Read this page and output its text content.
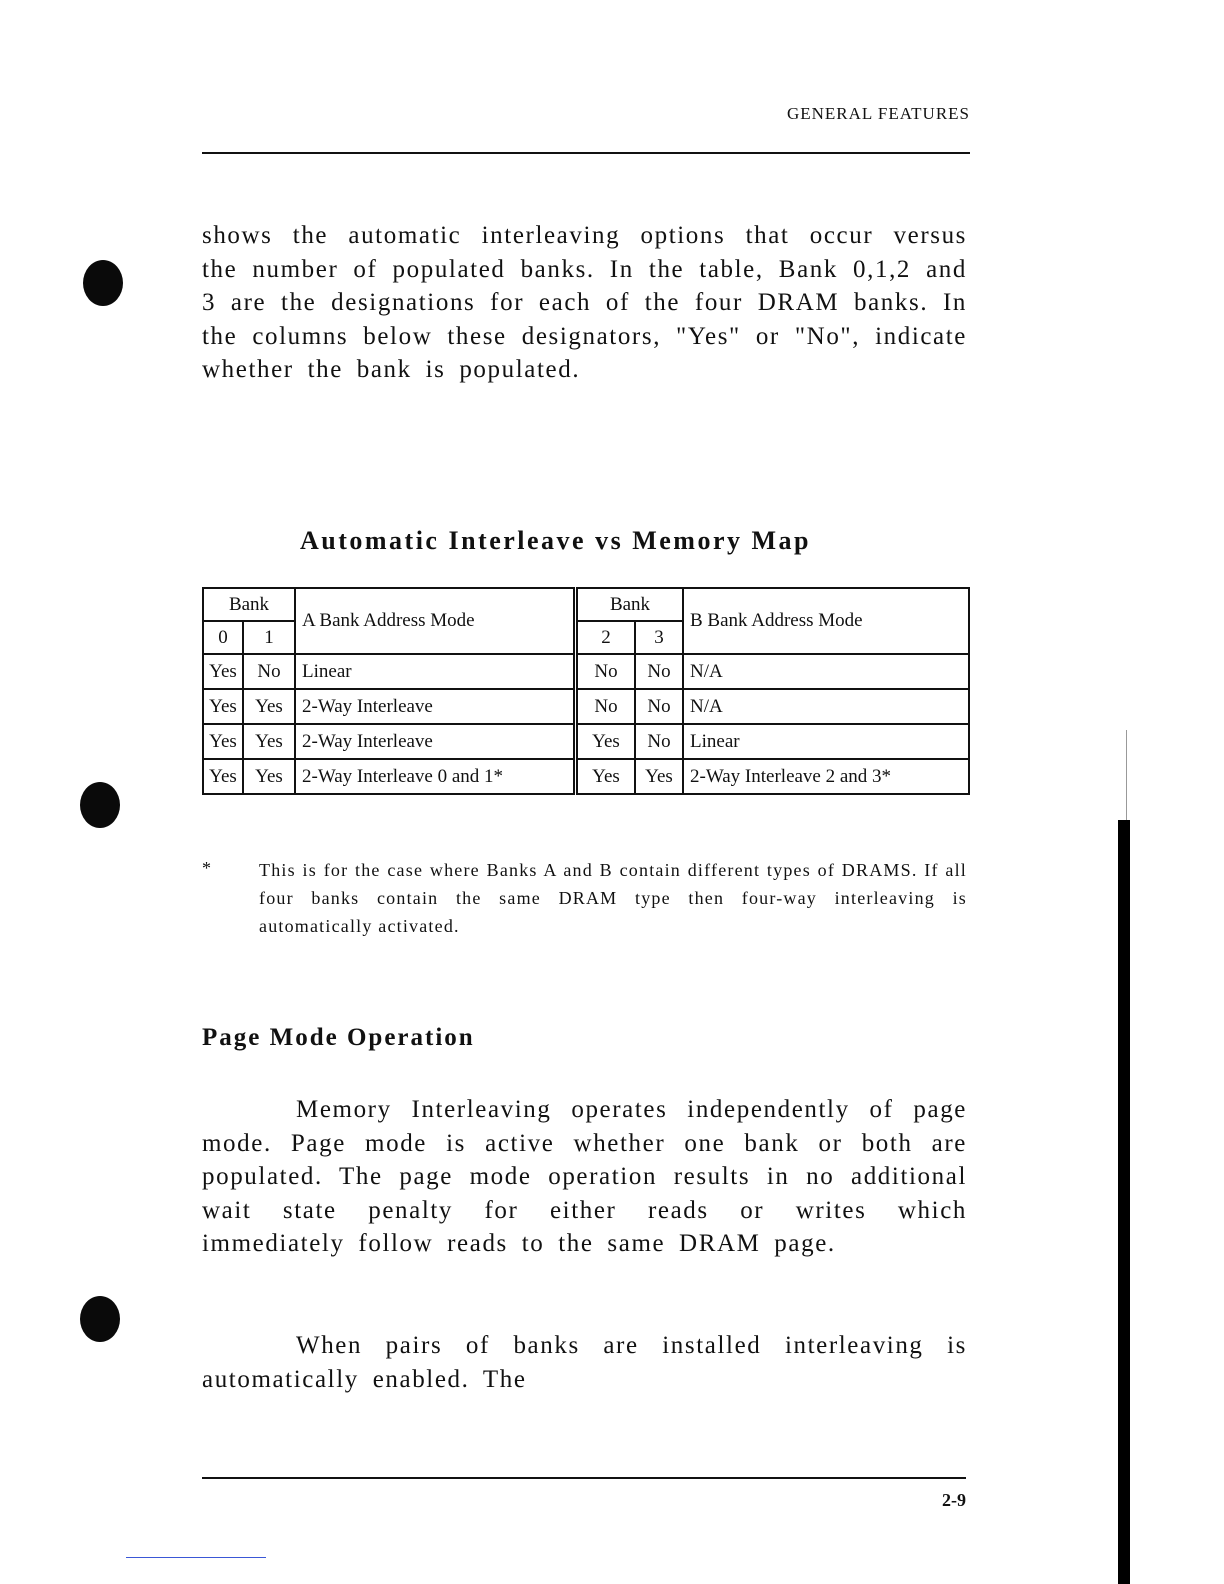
GENERAL FEATURES

shows the automatic interleaving options that occur versus the number of populated banks. In the table, Bank 0,1,2 and 3 are the designations for each of the four DRAM banks. In the columns below these designators, "Yes" or "No", indicate whether the bank is populated.

Automatic Interleave vs Memory Map
Bank		A Bank Address Mode	Bank		B Bank Address Mode
0	1		2	3	
Yes	No	Linear	No	No	N/A
Yes	Yes	2-Way Interleave	No	No	N/A
Yes	Yes	2-Way Interleave	Yes	No	Linear
Yes	Yes	2-Way Interleave 0 and 1*	Yes	Yes	2-Way Interleave 2 and 3*
*	This is for the case where Banks A and B contain different types of DRAMS. If all four banks contain the same DRAM type then four-way interleaving is automatically activated.

Page Mode Operation

Memory Interleaving operates independently of page mode. Page mode is active whether one bank or both are populated. The page mode operation results in no additional wait state penalty for either reads or writes which immediately follow reads to the same DRAM page.

When pairs of banks are installed interleaving is automatically enabled. The

2-9
